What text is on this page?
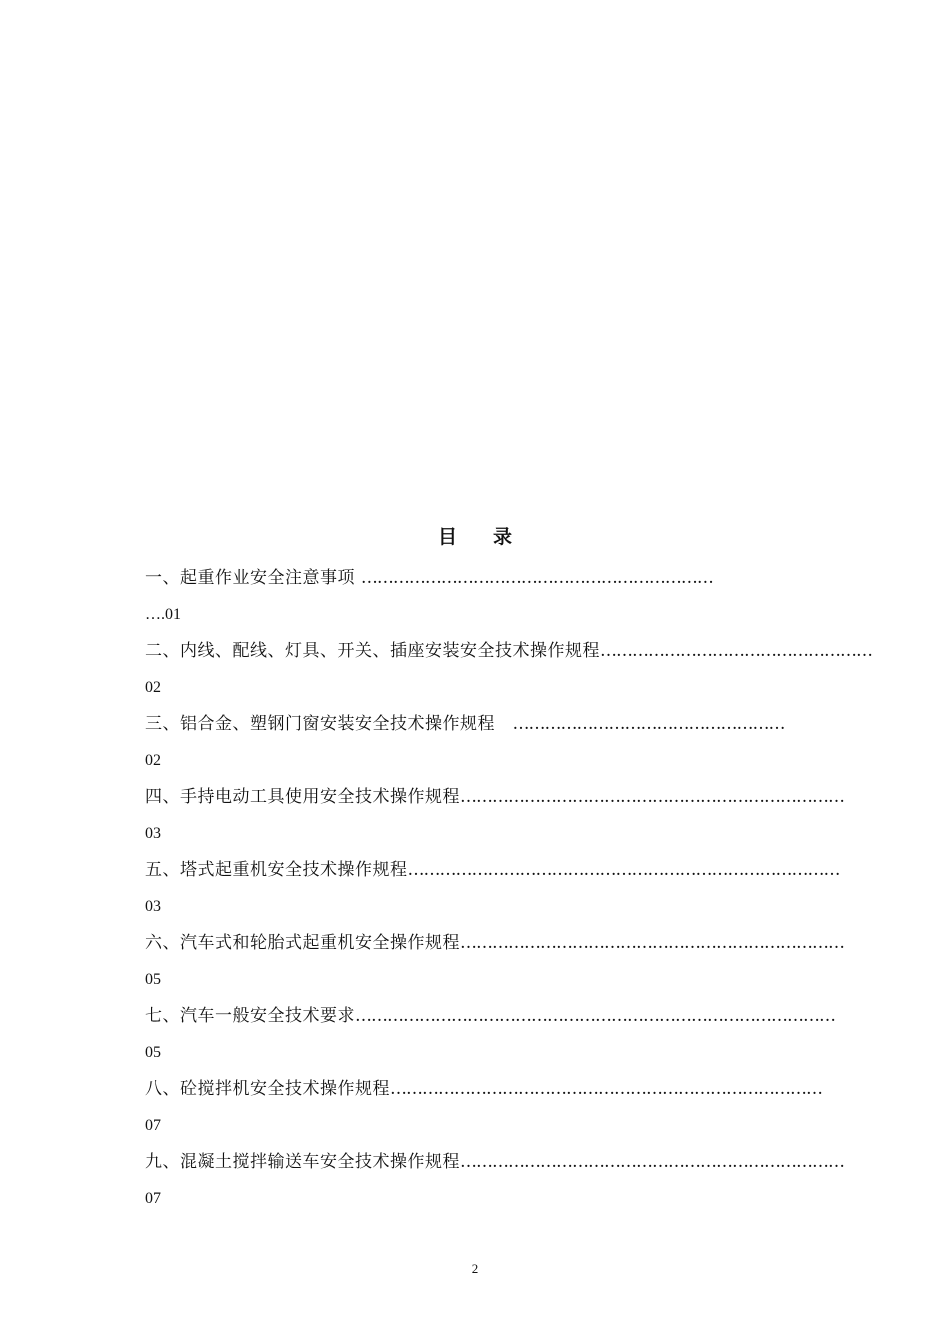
目 录
一、起重作业安全注意事项 …………………………………………………………
….01
二、内线、配线、灯具、开关、插座安装安全技术操作规程……………………………………………
02
三、铝合金、塑钢门窗安装安全技术操作规程　……………………………………………
02
四、手持电动工具使用安全技术操作规程………………………………………………………………
03
五、塔式起重机安全技术操作规程………………………………………………………………………
03
六、汽车式和轮胎式起重机安全操作规程………………………………………………………………
05
七、汽车一般安全技术要求………………………………………………………………………………
05
八、砼搅拌机安全技术操作规程………………………………………………………………………
07
九、混凝土搅拌输送车安全技术操作规程………………………………………………………………
07
2
